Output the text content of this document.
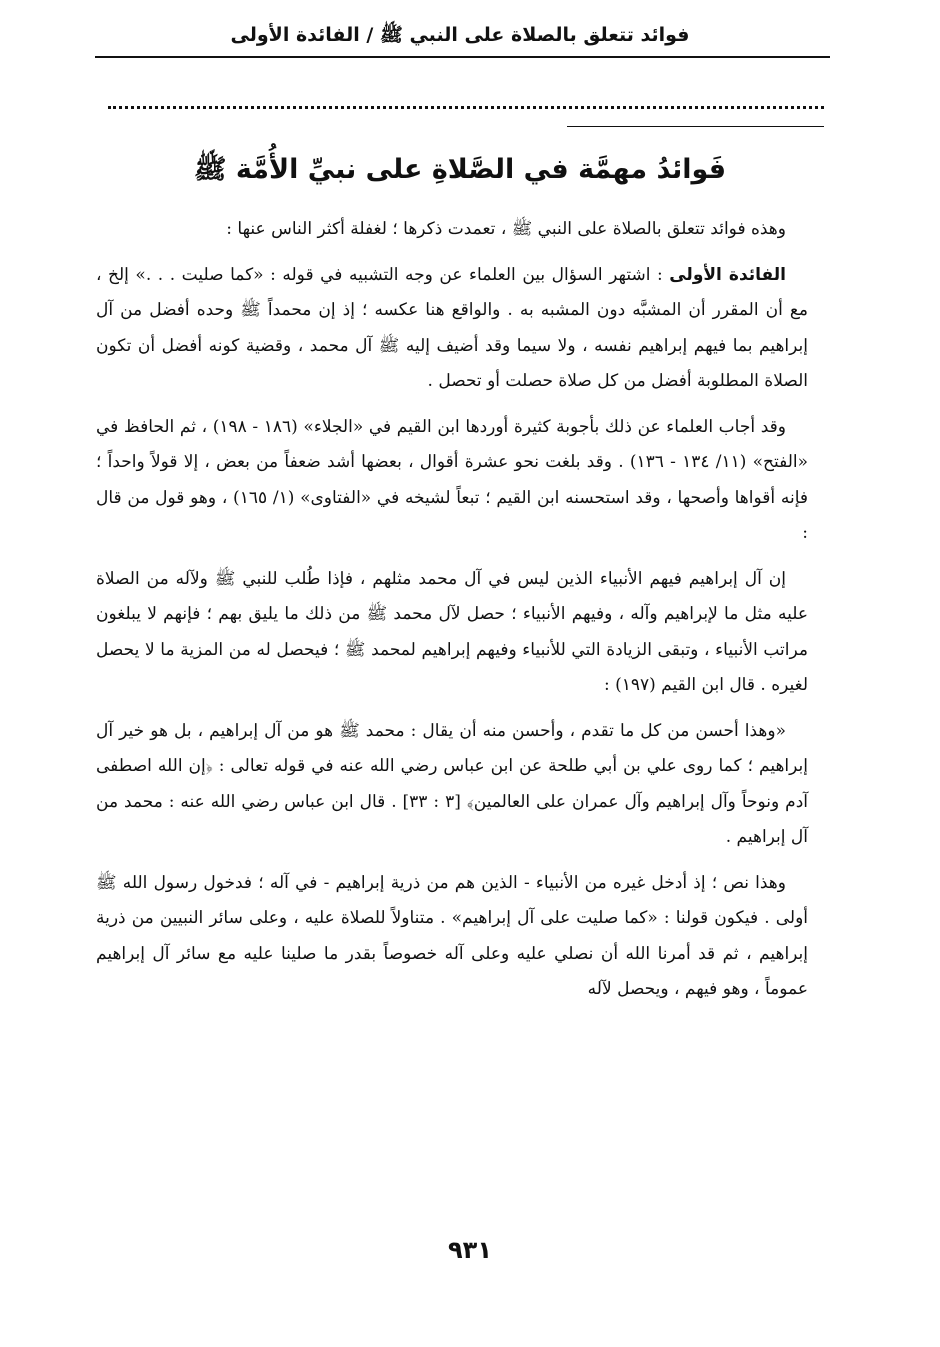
فوائد تتعلق بالصلاة على النبي ﷺ / الفائدة الأولى
فَوائدُ مهمَّة في الصَّلاةِ على نبيِّ الأُمَّة ﷺ

وهذه فوائد تتعلق بالصلاة على النبي ﷺ ، تعمدت ذكرها ؛ لغفلة أكثر الناس عنها :

الفائدة الأولى : اشتهر السؤال بين العلماء عن وجه التشبيه في قوله : «كما صليت . . .» إلخ ، مع أن المقرر أن المشبَّه دون المشبه به . والواقع هنا عكسه ؛ إذ إن محمداً ﷺ وحده أفضل من آل إبراهيم بما فيهم إبراهيم نفسه ، ولا سيما وقد أضيف إليه ﷺ آل محمد ، وقضية كونه أفضل أن تكون الصلاة المطلوبة أفضل من كل صلاة حصلت أو تحصل .

وقد أجاب العلماء عن ذلك بأجوبة كثيرة أوردها ابن القيم في «الجلاء» (١٨٦ - ١٩٨) ، ثم الحافظ في «الفتح» (١١/ ١٣٤ - ١٣٦) . وقد بلغت نحو عشرة أقوال ، بعضها أشد ضعفاً من بعض ، إلا قولاً واحداً ؛ فإنه أقواها وأصحها ، وقد استحسنه ابن القيم ؛ تبعاً لشيخه في «الفتاوى» (١/ ١٦٥) ، وهو قول من قال :

إن آل إبراهيم فيهم الأنبياء الذين ليس في آل محمد مثلهم ، فإذا طُلب للنبي ﷺ ولآله من الصلاة عليه مثل ما لإبراهيم وآله ، وفيهم الأنبياء ؛ حصل لآل محمد ﷺ من ذلك ما يليق بهم ؛ فإنهم لا يبلغون مراتب الأنبياء ، وتبقى الزيادة التي للأنبياء وفيهم إبراهيم لمحمد ﷺ ؛ فيحصل له من المزية ما لا يحصل لغيره . قال ابن القيم (١٩٧) :

«وهذا أحسن من كل ما تقدم ، وأحسن منه أن يقال : محمد ﷺ هو من آل إبراهيم ، بل هو خير آل إبراهيم ؛ كما روى علي بن أبي طلحة عن ابن عباس رضي الله عنه في قوله تعالى : ﴿إن الله اصطفى آدم ونوحاً وآل إبراهيم وآل عمران على العالمين﴾ [٣ : ٣٣] . قال ابن عباس رضي الله عنه : محمد من آل إبراهيم .

وهذا نص ؛ إذ أدخل غيره من الأنبياء - الذين هم من ذرية إبراهيم - في آله ؛ فدخول رسول الله ﷺ أولى . فيكون قولنا : «كما صليت على آل إبراهيم» . متناولاً للصلاة عليه ، وعلى سائر النبيين من ذرية إبراهيم ، ثم قد أمرنا الله أن نصلي عليه وعلى آله خصوصاً بقدر ما صلينا عليه مع سائر آل إبراهيم عموماً ، وهو فيهم ، ويحصل لآله

٩٣١
